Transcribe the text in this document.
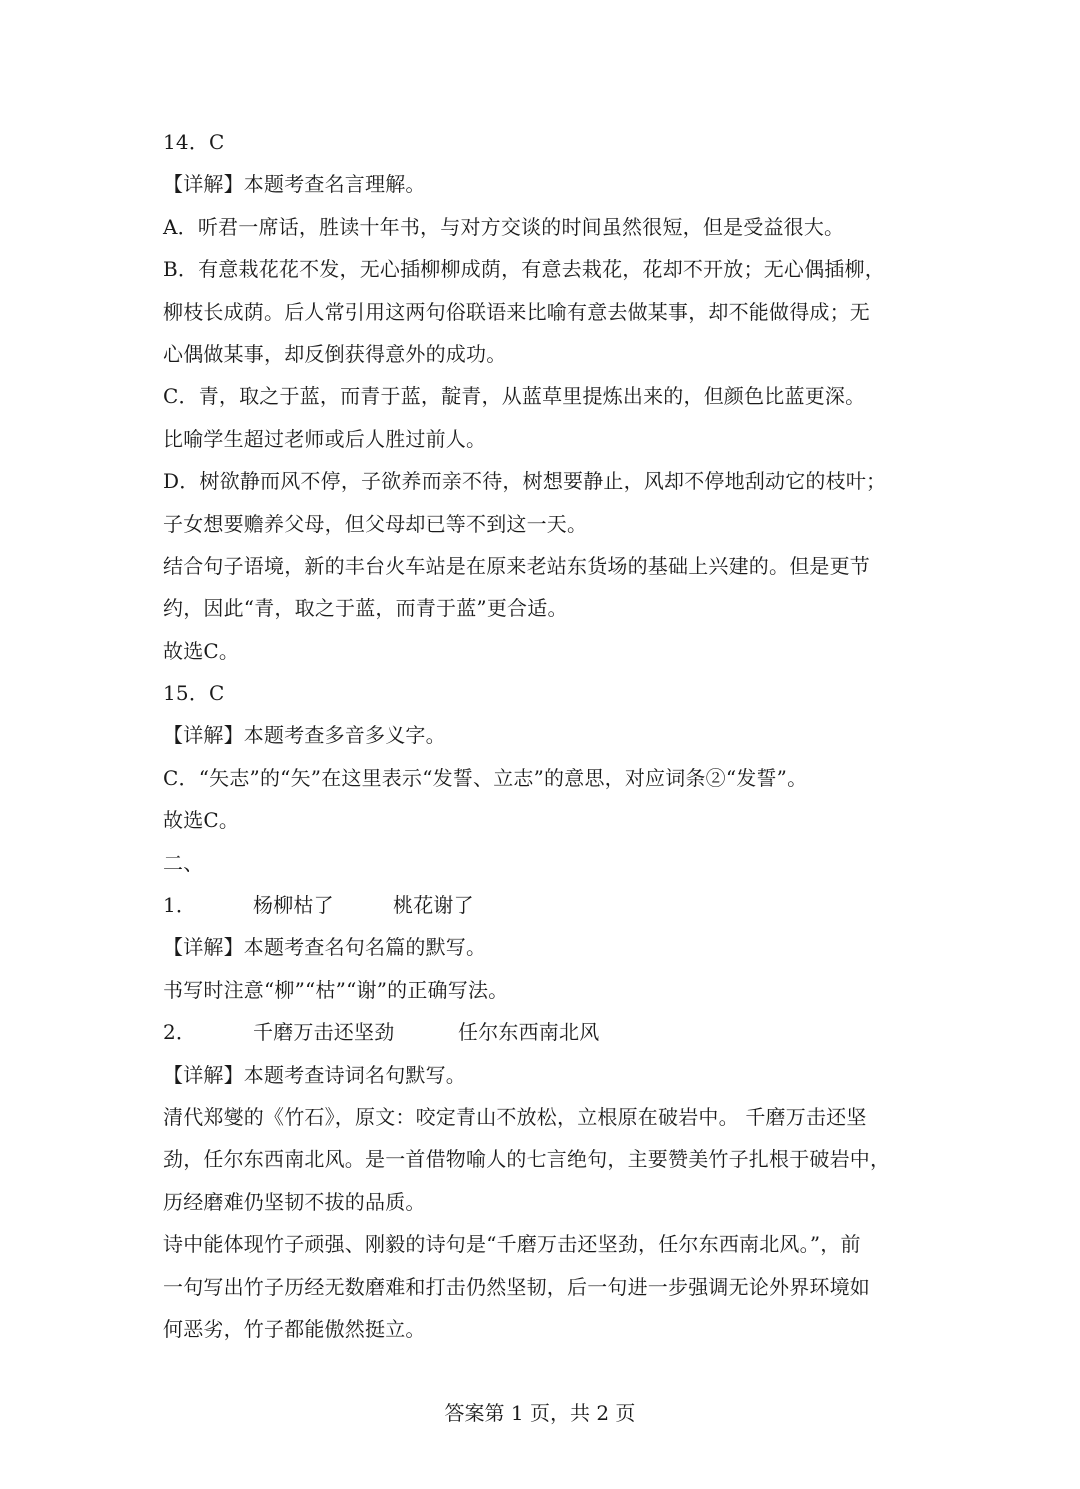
14．C
【详解】本题考查名言理解。
A．听君一席话，胜读十年书，与对方交谈的时间虽然很短，但是受益很大。
B．有意栽花花不发，无心插柳柳成荫，有意去栽花，花却不开放；无心偶插柳，
柳枝长成荫。后人常引用这两句俗联语来比喻有意去做某事，却不能做得成；无
心偶做某事，却反倒获得意外的成功。
C．青，取之于蓝，而青于蓝，靛青，从蓝草里提炼出来的，但颜色比蓝更深。
比喻学生超过老师或后人胜过前人。
D．树欲静而风不停，子欲养而亲不待，树想要静止，风却不停地刮动它的枝叶；
子女想要赡养父母，但父母却已等不到这一天。
结合句子语境，新的丰台火车站是在原来老站东货场的基础上兴建的。但是更节
约，因此“青，取之于蓝，而青于蓝”更合适。
故选C。
15．C
【详解】本题考查多音多义字。
C．“矢志”的“矢”在这里表示“发誓、立志”的意思，对应词条②“发誓”。
故选C。
二、
1．	杨柳枯了	桃花谢了
【详解】本题考查名句名篇的默写。
书写时注意“柳”“枯”“谢”的正确写法。
2．	千磨万击还坚劲	任尔东西南北风
【详解】本题考查诗词名句默写。
清代郑燮的《竹石》，原文：咬定青山不放松，立根原在破岩中。 千磨万击还坚
劲，任尔东西南北风。是一首借物喻人的七言绝句，主要赞美竹子扎根于破岩中，
历经磨难仍坚韧不拔的品质。
诗中能体现竹子顽强、刚毅的诗句是“千磨万击还坚劲，任尔东西南北风。”，前
一句写出竹子历经无数磨难和打击仍然坚韧，后一句进一步强调无论外界环境如
何恶劣，竹子都能傲然挺立。
答案第 1 页，共 2 页
